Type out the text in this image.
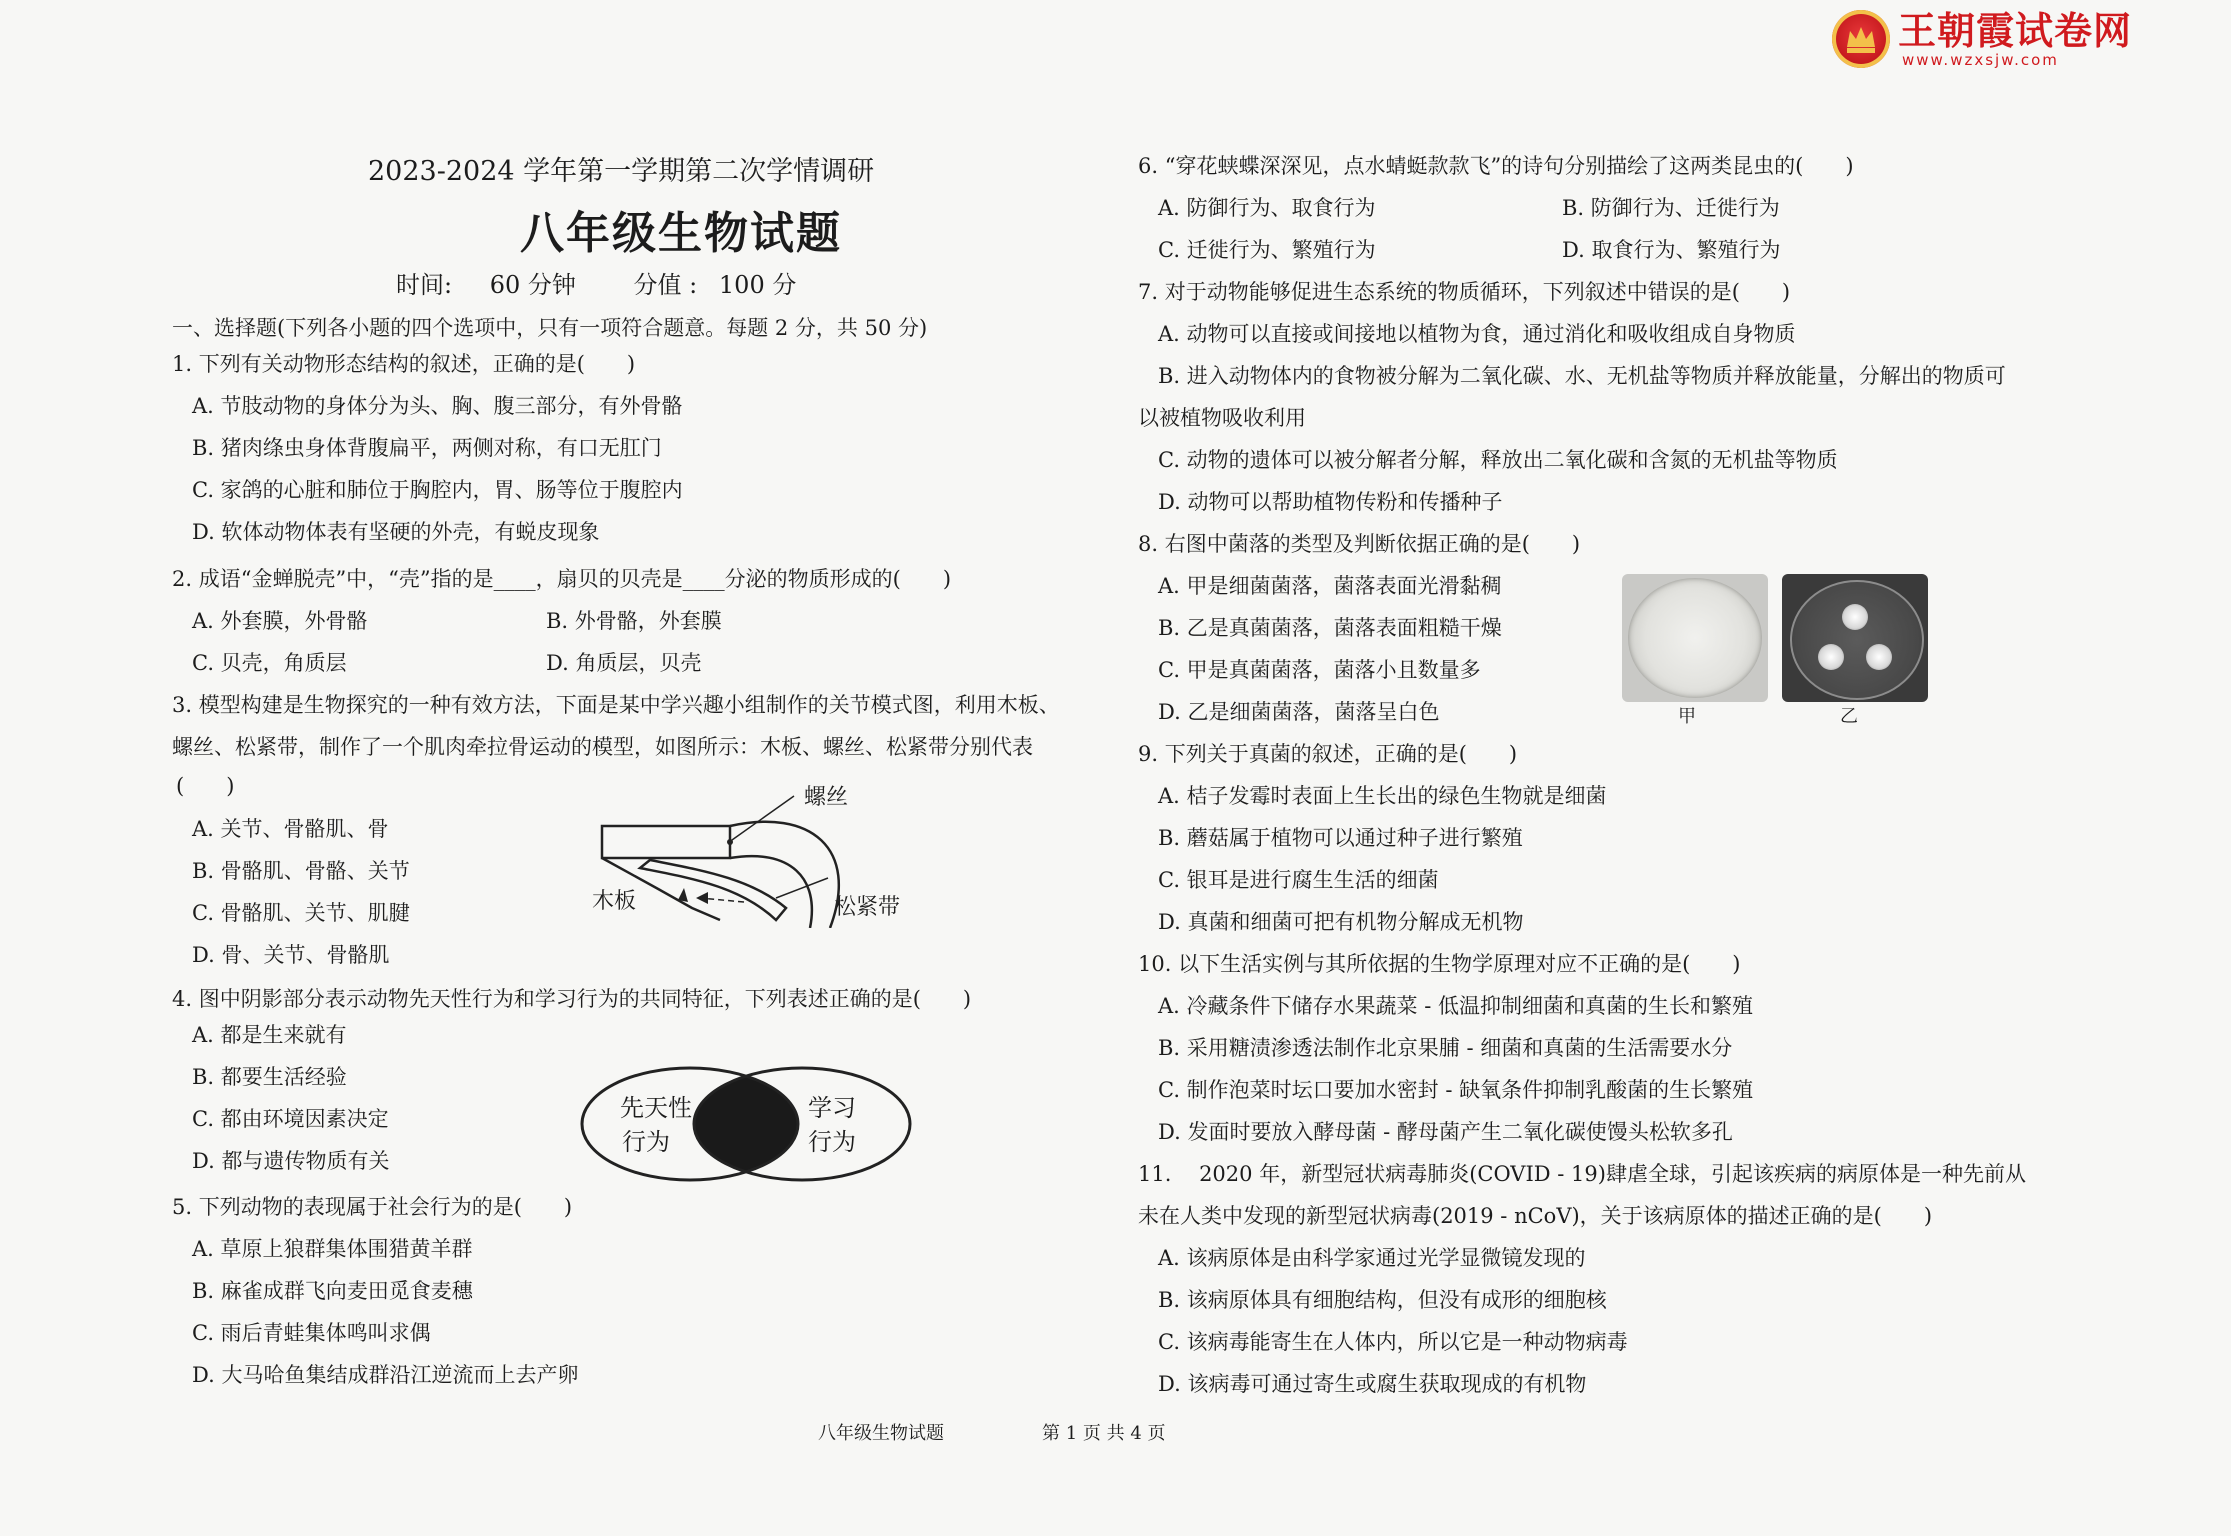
王朝霞试卷网
www.wzxsjw.com
2023-2024 学年第一学期第二次学情调研
八年级生物试题
时间: 60 分钟 分值 : 100 分
一、选择题(下列各小题的四个选项中，只有一项符合题意。每题 2 分，共 50 分)
1. 下列有关动物形态结构的叙述，正确的是(　　)
A. 节肢动物的身体分为头、胸、腹三部分，有外骨骼
B. 猪肉绦虫身体背腹扁平，两侧对称，有口无肛门
C. 家鸽的心脏和肺位于胸腔内，胃、肠等位于腹腔内
D. 软体动物体表有坚硬的外壳，有蜕皮现象
2. 成语“金蝉脱壳”中，“壳”指的是____，扇贝的贝壳是____分泌的物质形成的(　　)
A. 外套膜，外骨骼	B. 外骨骼，外套膜
C. 贝壳，角质层	D. 角质层，贝壳
3. 模型构建是生物探究的一种有效方法，下面是某中学兴趣小组制作的关节模式图，利用木板、
螺丝、松紧带，制作了一个肌肉牵拉骨运动的模型，如图所示：木板、螺丝、松紧带分别代表
(　　)
A. 关节、骨骼肌、骨
B. 骨骼肌、骨骼、关节
C. 骨骼肌、关节、肌腱
D. 骨、关节、骨骼肌
螺丝
木板	松紧带
4. 图中阴影部分表示动物先天性行为和学习行为的共同特征，下列表述正确的是(　　)
A. 都是生来就有
B. 都要生活经验
C. 都由环境因素决定
D. 都与遗传物质有关
先天性
行为
学习
行为
5. 下列动物的表现属于社会行为的是(　　)
A. 草原上狼群集体围猎黄羊群
B. 麻雀成群飞向麦田觅食麦穗
C. 雨后青蛙集体鸣叫求偶
D. 大马哈鱼集结成群沿江逆流而上去产卵
6. “穿花蛱蝶深深见，点水蜻蜓款款飞”的诗句分别描绘了这两类昆虫的(　　)
A. 防御行为、取食行为	B. 防御行为、迁徙行为
C. 迁徙行为、繁殖行为	D. 取食行为、繁殖行为
7. 对于动物能够促进生态系统的物质循环，下列叙述中错误的是(　　)
A. 动物可以直接或间接地以植物为食，通过消化和吸收组成自身物质
B. 进入动物体内的食物被分解为二氧化碳、水、无机盐等物质并释放能量，分解出的物质可
以被植物吸收利用
C. 动物的遗体可以被分解者分解，释放出二氧化碳和含氮的无机盐等物质
D. 动物可以帮助植物传粉和传播种子
8. 右图中菌落的类型及判断依据正确的是(　　)
A. 甲是细菌菌落，菌落表面光滑黏稠
B. 乙是真菌菌落，菌落表面粗糙干燥
C. 甲是真菌菌落，菌落小且数量多
D. 乙是细菌菌落，菌落呈白色	甲	乙
9. 下列关于真菌的叙述，正确的是(　　)
A. 桔子发霉时表面上生长出的绿色生物就是细菌
B. 蘑菇属于植物可以通过种子进行繁殖
C. 银耳是进行腐生生活的细菌
D. 真菌和细菌可把有机物分解成无机物
10. 以下生活实例与其所依据的生物学原理对应不正确的是(　　)
A. 冷藏条件下储存水果蔬菜 - 低温抑制细菌和真菌的生长和繁殖
B. 采用糖渍渗透法制作北京果脯 - 细菌和真菌的生活需要水分
C. 制作泡菜时坛口要加水密封 - 缺氧条件抑制乳酸菌的生长繁殖
D. 发面时要放入酵母菌 - 酵母菌产生二氧化碳使馒头松软多孔
11.　 2020 年，新型冠状病毒肺炎(COVID - 19)肆虐全球，引起该疾病的病原体是一种先前从
未在人类中发现的新型冠状病毒(2019 - nCoV)，关于该病原体的描述正确的是(　　)
A. 该病原体是由科学家通过光学显微镜发现的
B. 该病原体具有细胞结构，但没有成形的细胞核
C. 该病毒能寄生在人体内，所以它是一种动物病毒
D. 该病毒可通过寄生或腐生获取现成的有机物
八年级生物试题	第 1 页 共 4 页
